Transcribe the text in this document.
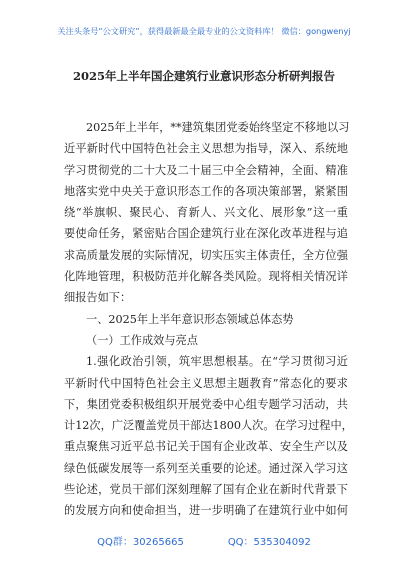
关注头条号“公文研究”，获得最新最全最专业的公文资料库！ 微信：gongwenyj
2025年上半年国企建筑行业意识形态分析研判报告
2025年上半年，**建筑集团党委始终坚定不移地以习
近平新时代中国特色社会主义思想为指导，深入、系统地
学习贯彻党的二十大及二十届三中全会精神，全面、精准
地落实党中央关于意识形态工作的各项决策部署，紧紧围
绕“举旗帜、聚民心、育新人、兴文化、展形象”这一重
要使命任务，紧密贴合国企建筑行业在深化改革进程与追
求高质量发展的实际情况，切实压实主体责任，全方位强
化阵地管理，积极防范并化解各类风险。现将相关情况详
细报告如下：
一、2025年上半年意识形态领域总体态势
（一）工作成效与亮点
1.强化政治引领，筑牢思想根基。在“学习贯彻习近
平新时代中国特色社会主义思想主题教育”常态化的要求
下，集团党委积极组织开展党委中心组专题学习活动，共
计12次，广泛覆盖党员干部达1800人次。在学习过程中，
重点聚焦习近平总书记关于国有企业改革、安全生产以及
绿色低碳发展等一系列至关重要的论述。通过深入学习这
些论述，党员干部们深刻理解了国有企业在新时代背景下
的发展方向和使命担当，进一步明确了在建筑行业中如何
QQ群：30265665	QQ：535304092
